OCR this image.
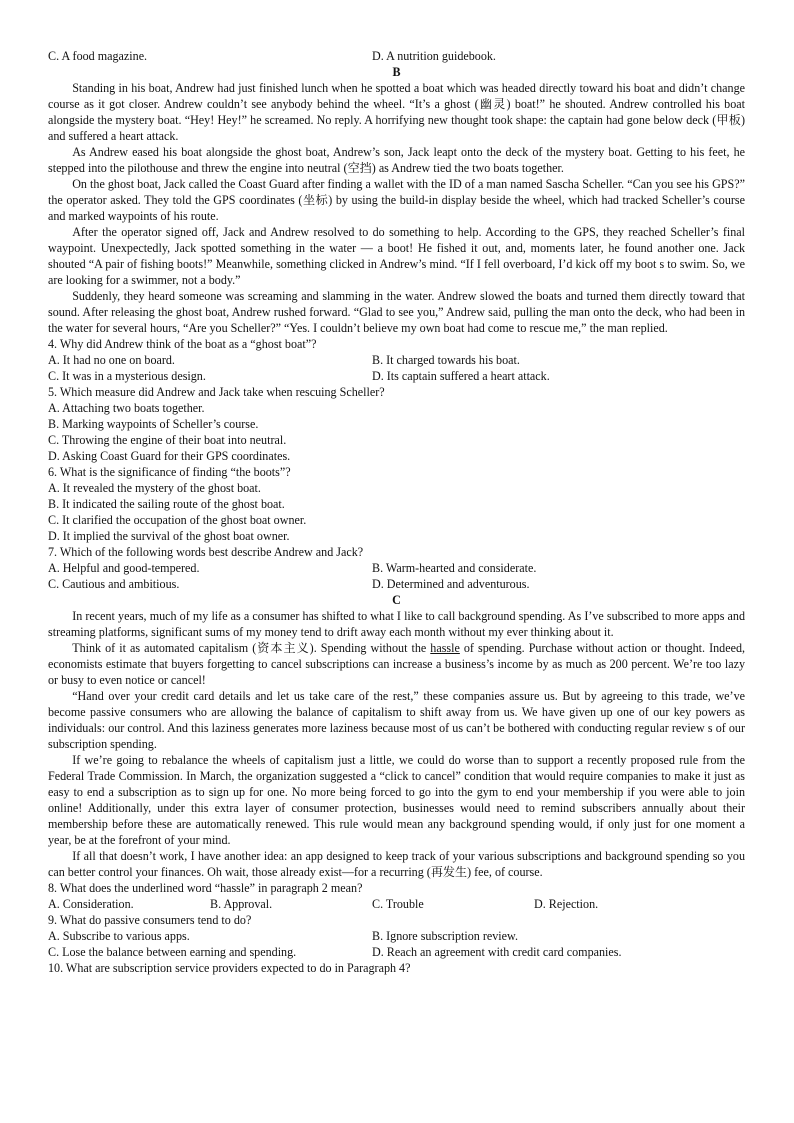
C. A food magazine.	D. A nutrition guidebook.
B

Standing in his boat, Andrew had just finished lunch when he spotted a boat which was headed directly toward his boat and didn’t change course as it got closer. Andrew couldn’t see anybody behind the wheel. “It’s a ghost (幽灵) boat!” he shouted. Andrew controlled his boat alongside the mystery boat. “Hey! Hey!” he screamed. No reply. A horrifying new thought took shape: the captain had gone below deck (甲板) and suffered a heart attack.

As Andrew eased his boat alongside the ghost boat, Andrew’s son, Jack leapt onto the deck of the mystery boat. Getting to his feet, he stepped into the pilothouse and threw the engine into neutral (空挡) as Andrew tied the two boats together.

On the ghost boat, Jack called the Coast Guard after finding a wallet with the ID of a man named Sascha Scheller. “Can you see his GPS?” the operator asked. They told the GPS coordinates (坐标) by using the build-in display beside the wheel, which had tracked Scheller’s course and marked waypoints of his route.

After the operator signed off, Jack and Andrew resolved to do something to help. According to the GPS, they reached Scheller’s final waypoint. Unexpectedly, Jack spotted something in the water — a boot! He fished it out, and, moments later, he found another one. Jack shouted “A pair of fishing boots!” Meanwhile, something clicked in Andrew’s mind. “If I fell overboard, I’d kick off my boot s to swim. So, we are looking for a swimmer, not a body.”

Suddenly, they heard someone was screaming and slamming in the water. Andrew slowed the boats and turned them directly toward that sound. After releasing the ghost boat, Andrew rushed forward. “Glad to see you,” Andrew said, pulling the man onto the deck, who had been in the water for several hours, “Are you Scheller?” “Yes. I couldn’t believe my own boat had come to rescue me,” the man replied.

4. Why did Andrew think of the boat as a “ghost boat”?
A. It had no one on board.	B. It charged towards his boat.
C. It was in a mysterious design.	D. Its captain suffered a heart attack.
5. Which measure did Andrew and Jack take when rescuing Scheller?
A. Attaching two boats together.
B. Marking waypoints of Scheller’s course.
C. Throwing the engine of their boat into neutral.
D. Asking Coast Guard for their GPS coordinates.
6. What is the significance of finding “the boots”?
A. It revealed the mystery of the ghost boat.
B. It indicated the sailing route of the ghost boat.
C. It clarified the occupation of the ghost boat owner.
D. It implied the survival of the ghost boat owner.
7. Which of the following words best describe Andrew and Jack?
A. Helpful and good-tempered.	B. Warm-hearted and considerate.
C. Cautious and ambitious.	D. Determined and adventurous.
C

In recent years, much of my life as a consumer has shifted to what I like to call background spending. As I’ve subscribed to more apps and streaming platforms, significant sums of my money tend to drift away each month without my ever thinking about it.

Think of it as automated capitalism (资本主义). Spending without the hassle of spending. Purchase without action or thought. Indeed, economists estimate that buyers forgetting to cancel subscriptions can increase a business’s income by as much as 200 percent. We’re too lazy or busy to even notice or cancel!

“Hand over your credit card details and let us take care of the rest,” these companies assure us. But by agreeing to this trade, we’ve become passive consumers who are allowing the balance of capitalism to shift away from us. We have given up one of our key powers as individuals: our control. And this laziness generates more laziness because most of us can’t be bothered with conducting regular review s of our subscription spending.

If we’re going to rebalance the wheels of capitalism just a little, we could do worse than to support a recently proposed rule from the Federal Trade Commission. In March, the organization suggested a “click to cancel” condition that would require companies to make it just as easy to end a subscription as to sign up for one. No more being forced to go into the gym to end your membership if you were able to join online! Additionally, under this extra layer of consumer protection, businesses would need to remind subscribers annually about their membership before these are automatically renewed. This rule would mean any background spending would, if only just for one moment a year, be at the forefront of your mind.

If all that doesn’t work, I have another idea: an app designed to keep track of your various subscriptions and background spending so you can better control your finances. Oh wait, those already exist—for a recurring (再发生) fee, of course.

8. What does the underlined word “hassle” in paragraph 2 mean?
A. Consideration.	B. Approval.	C. Trouble	D. Rejection.
9. What do passive consumers tend to do?
A. Subscribe to various apps.	B. Ignore subscription review.
C. Lose the balance between earning and spending.	D. Reach an agreement with credit card companies.
10. What are subscription service providers expected to do in Paragraph 4?
